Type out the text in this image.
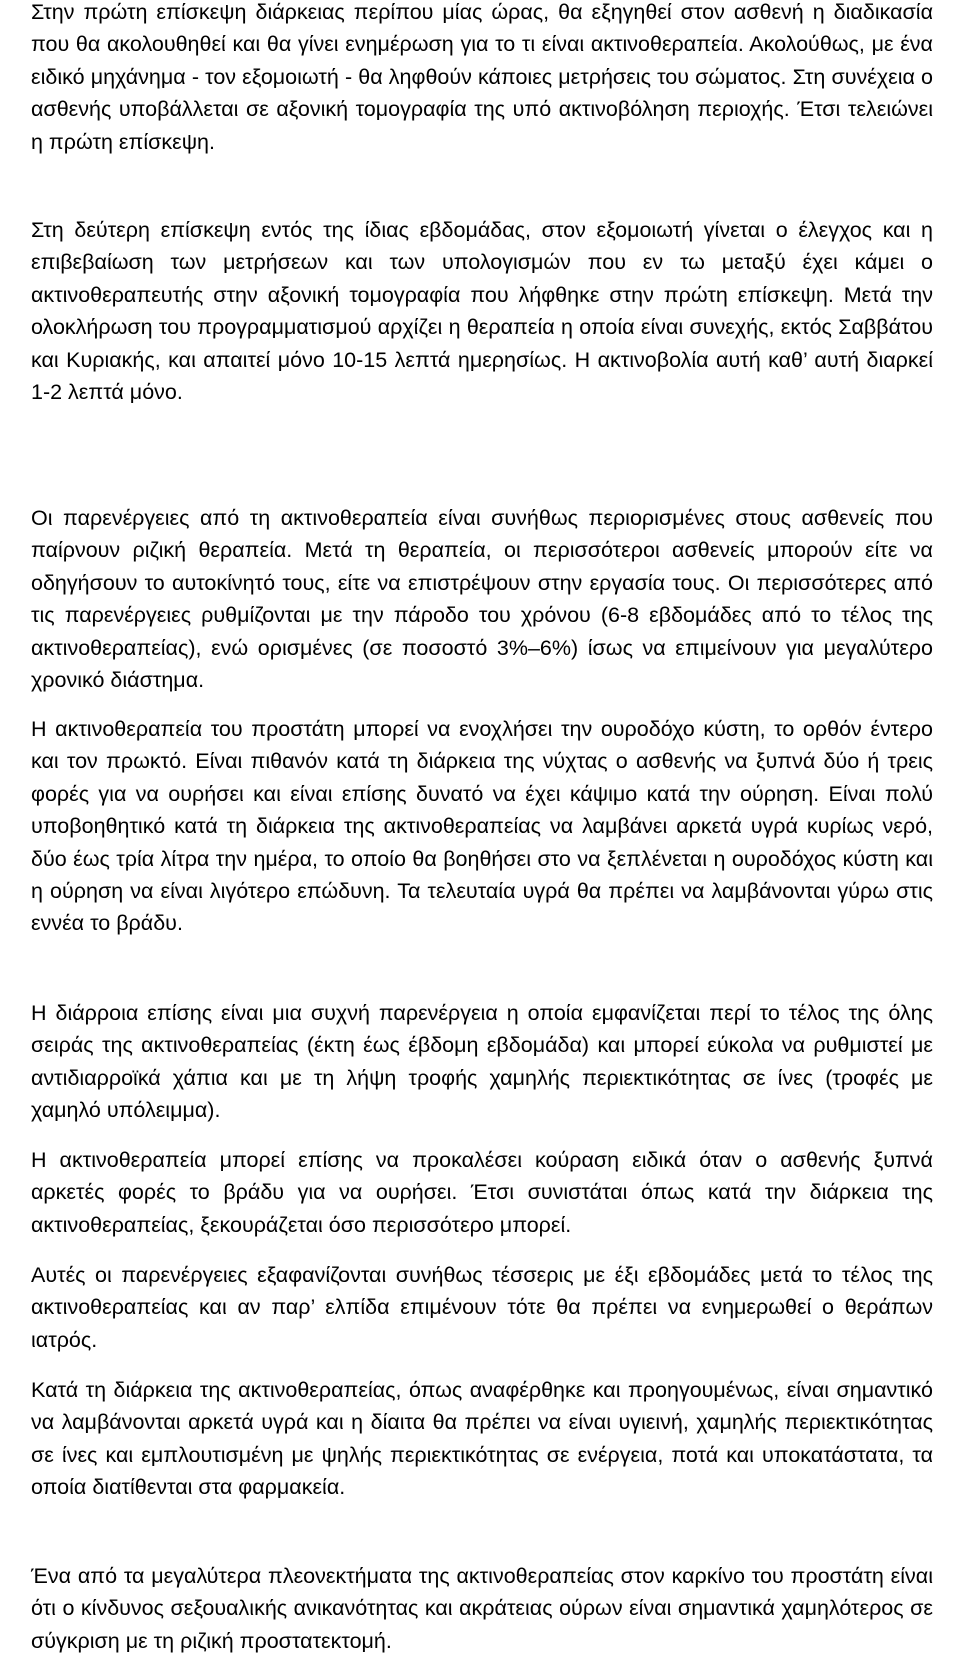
Στην πρώτη επίσκεψη διάρκειας περίπου μίας ώρας, θα εξηγηθεί στον ασθενή η διαδικασία που θα ακολουθηθεί και θα γίνει ενημέρωση για το τι είναι ακτινοθεραπεία. Ακολούθως, με ένα ειδικό μηχάνημα - τον εξομοιωτή - θα ληφθούν κάποιες μετρήσεις του σώματος. Στη συνέχεια ο ασθενής υποβάλλεται σε αξονική τομογραφία της υπό ακτινοβόληση περιοχής. Έτσι τελειώνει η πρώτη επίσκεψη.

Στη δεύτερη επίσκεψη εντός της ίδιας εβδομάδας, στον εξομοιωτή γίνεται ο έλεγχος και η επιβεβαίωση των μετρήσεων και των υπολογισμών που εν τω μεταξύ έχει κάμει ο ακτινοθεραπευτής στην αξονική τομογραφία που λήφθηκε στην πρώτη επίσκεψη. Μετά την ολοκλήρωση του προγραμματισμού αρχίζει η θεραπεία η οποία είναι συνεχής, εκτός Σαββάτου και Κυριακής, και απαιτεί μόνο 10-15 λεπτά ημερησίως. Η ακτινοβολία αυτή καθ’ αυτή διαρκεί 1-2 λεπτά μόνο.

Οι παρενέργειες από τη ακτινοθεραπεία είναι συνήθως περιορισμένες στους ασθενείς που παίρνουν ριζική θεραπεία. Μετά τη θεραπεία, οι περισσότεροι ασθενείς μπορούν είτε να οδηγήσουν το αυτοκίνητό τους, είτε να επιστρέψουν στην εργασία τους. Οι περισσότερες από τις παρενέργειες ρυθμίζονται με την πάροδο του χρόνου (6-8 εβδομάδες από το τέλος της ακτινοθεραπείας), ενώ ορισμένες (σε ποσοστό 3%–6%) ίσως να επιμείνουν για μεγαλύτερο χρονικό διάστημα.

Η ακτινοθεραπεία του προστάτη μπορεί να ενοχλήσει την ουροδόχο κύστη, το ορθόν έντερο και τον πρωκτό. Είναι πιθανόν κατά τη διάρκεια της νύχτας ο ασθενής να ξυπνά δύο ή τρεις φορές για να ουρήσει και είναι επίσης δυνατό να έχει κάψιμο κατά την ούρηση. Είναι πολύ υποβοηθητικό κατά τη διάρκεια της ακτινοθεραπείας να λαμβάνει αρκετά υγρά κυρίως νερό, δύο έως τρία λίτρα την ημέρα, το οποίο θα βοηθήσει στο να ξεπλένεται η ουροδόχος κύστη και η ούρηση να είναι λιγότερο επώδυνη. Τα τελευταία υγρά θα πρέπει να λαμβάνονται γύρω στις εννέα το βράδυ.

Η διάρροια επίσης είναι μια συχνή παρενέργεια η οποία εμφανίζεται περί το τέλος της όλης σειράς της ακτινοθεραπείας (έκτη έως έβδομη εβδομάδα) και μπορεί εύκολα να ρυθμιστεί με αντιδιαρροϊκά χάπια και με τη λήψη τροφής χαμηλής περιεκτικότητας σε ίνες (τροφές με χαμηλό υπόλειμμα).

Η ακτινοθεραπεία μπορεί επίσης να προκαλέσει κούραση ειδικά όταν ο ασθενής ξυπνά αρκετές φορές το βράδυ για να ουρήσει. Έτσι συνιστάται όπως κατά την διάρκεια της ακτινοθεραπείας, ξεκουράζεται όσο περισσότερο μπορεί.

Αυτές οι παρενέργειες εξαφανίζονται συνήθως τέσσερις με έξι εβδομάδες μετά το τέλος της ακτινοθεραπείας και αν παρ’ ελπίδα επιμένουν τότε θα πρέπει να ενημερωθεί ο θεράπων ιατρός.

Κατά τη διάρκεια της ακτινοθεραπείας, όπως αναφέρθηκε και προηγουμένως, είναι σημαντικό να λαμβάνονται αρκετά υγρά και η δίαιτα θα πρέπει να είναι υγιεινή, χαμηλής περιεκτικότητας σε ίνες και εμπλουτισμένη με ψηλής περιεκτικότητας σε ενέργεια, ποτά και υποκατάστατα, τα οποία διατίθενται στα φαρμακεία.

Ένα από τα μεγαλύτερα πλεονεκτήματα της ακτινοθεραπείας στον καρκίνο του προστάτη είναι ότι ο κίνδυνος σεξουαλικής ανικανότητας και ακράτειας ούρων είναι σημαντικά χαμηλότερος σε σύγκριση με τη ριζική προστατεκτομή.
